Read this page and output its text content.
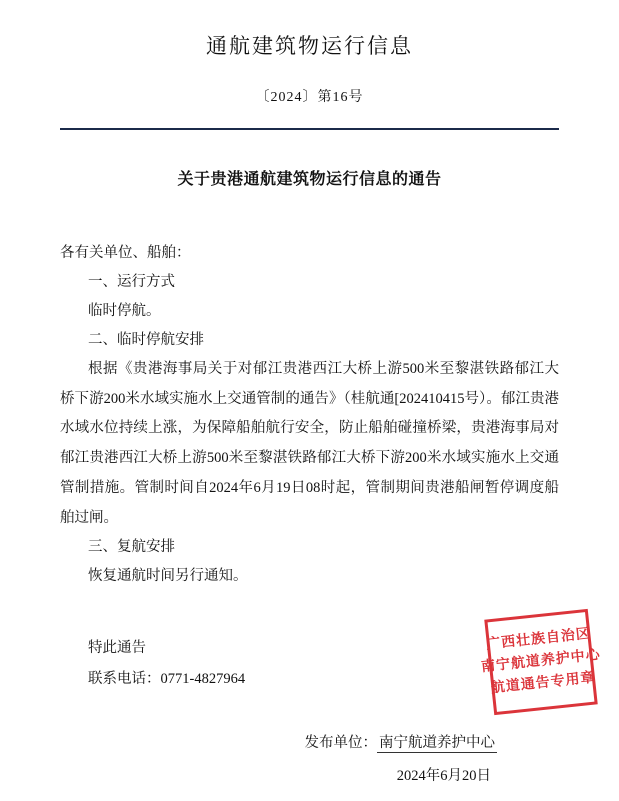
通航建筑物运行信息
〔2024〕第16号
关于贵港通航建筑物运行信息的通告

各有关单位、船舶：

一、运行方式

临时停航。

二、临时停航安排

根据《贵港海事局关于对郁江贵港西江大桥上游500米至黎湛铁路郁江大桥下游200米水域实施水上交通管制的通告》（桂航通[202410415号）。郁江贵港水域水位持续上涨，为保障船舶航行安全，防止船舶碰撞桥梁，贵港海事局对郁江贵港西江大桥上游500米至黎湛铁路郁江大桥下游200米水域实施水上交通管制措施。管制时间自2024年6月19日08时起，管制期间贵港船闸暂停调度船舶过闸。

三、复航安排

恢复通航时间另行通知。

特此通告
联系电话：0771-4827964
发布单位： 南宁航道养护中心
2024年6月20日
广西壮族自治区
南宁航道养护中心
航道通告专用章
